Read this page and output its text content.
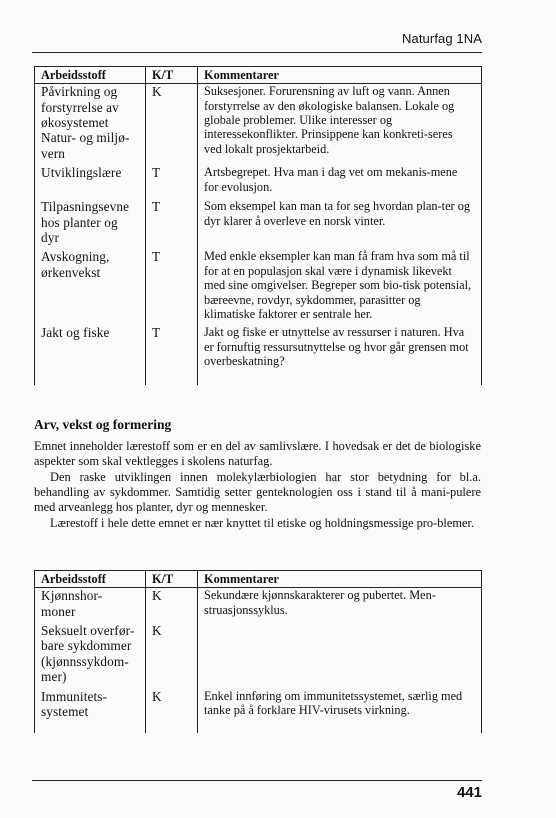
Naturfag 1NA
Arbeidsstoff	K/T	Kommentarer
Påvirkning og forstyrrelse av økosystemet Natur- og miljø-vern	K	Suksesjoner. Forurensning av luft og vann. Annen forstyrrelse av den økologiske balansen. Lokale og globale problemer. Ulike interesser og interessekonflikter. Prinsippene kan konkreti-seres ved lokalt prosjektarbeid.
Utviklingslære	T	Artsbegrepet. Hva man i dag vet om mekanis-mene for evolusjon.
Tilpasningsevne hos planter og dyr	T	Som eksempel kan man ta for seg hvordan plan-ter og dyr klarer å overleve en norsk vinter.
Avskogning, ørkenvekst	T	Med enkle eksempler kan man få fram hva som må til for at en populasjon skal være i dynamisk likevekt med sine omgivelser. Begreper som bio-tisk potensial, bæreevne, rovdyr, sykdommer, parasitter og klimatiske faktorer er sentrale her.
Jakt og fiske	T	Jakt og fiske er utnyttelse av ressurser i naturen. Hva er fornuftig ressursutnyttelse og hvor går grensen mot overbeskatning?
Arv, vekst og formering

Emnet inneholder lærestoff som er en del av samlivslære. I hovedsak er det de biologiske aspekter som skal vektlegges i skolens naturfag.

Den raske utviklingen innen molekylærbiologien har stor betydning for bl.a. behandling av sykdommer. Samtidig setter genteknologien oss i stand til å mani-pulere med arveanlegg hos planter, dyr og mennesker.

Lærestoff i hele dette emnet er nær knyttet til etiske og holdningsmessige pro-blemer.

Arbeidsstoff	K/T	Kommentarer
Kjønnshor-moner	K	Sekundære kjønnskarakterer og pubertet. Men-struasjonssyklus.
Seksuelt overfør-bare sykdommer (kjønnssykdom-mer)	K	
Immunitets-systemet	K	Enkel innføring om immunitetssystemet, særlig med tanke på å forklare HIV-virusets virkning.
441
